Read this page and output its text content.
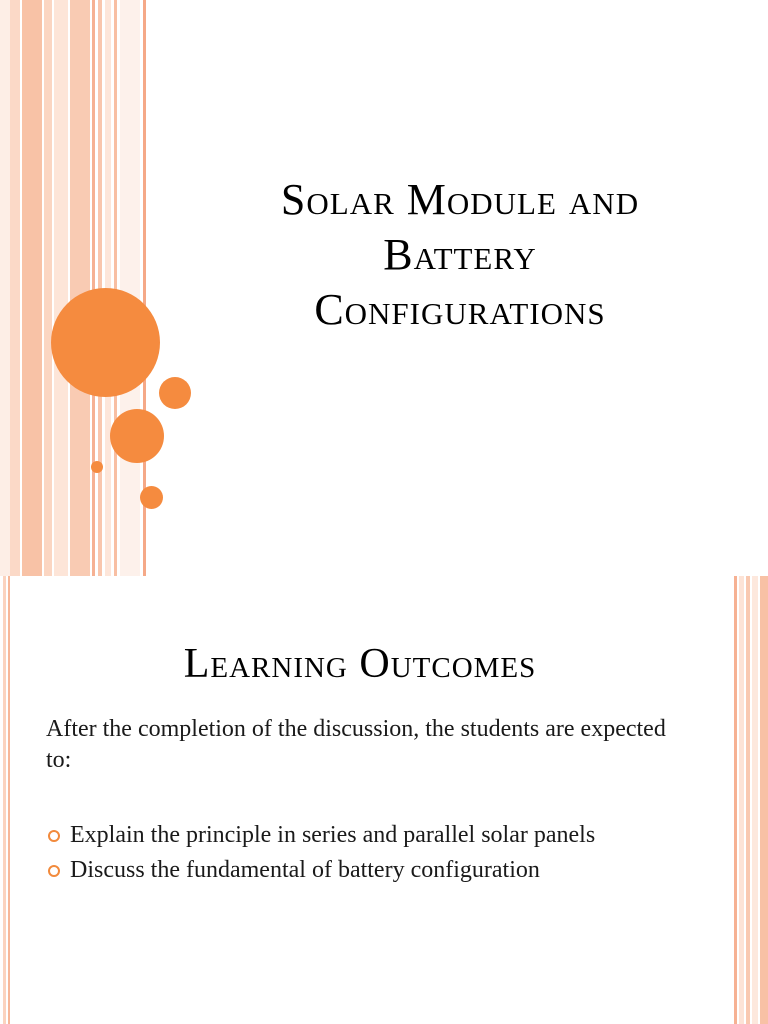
Solar Module and
Battery
Configurations
Learning Outcomes
After the completion of the discussion, the students are expected to:
Explain the principle in series and parallel solar panels
Discuss the fundamental of battery configuration
